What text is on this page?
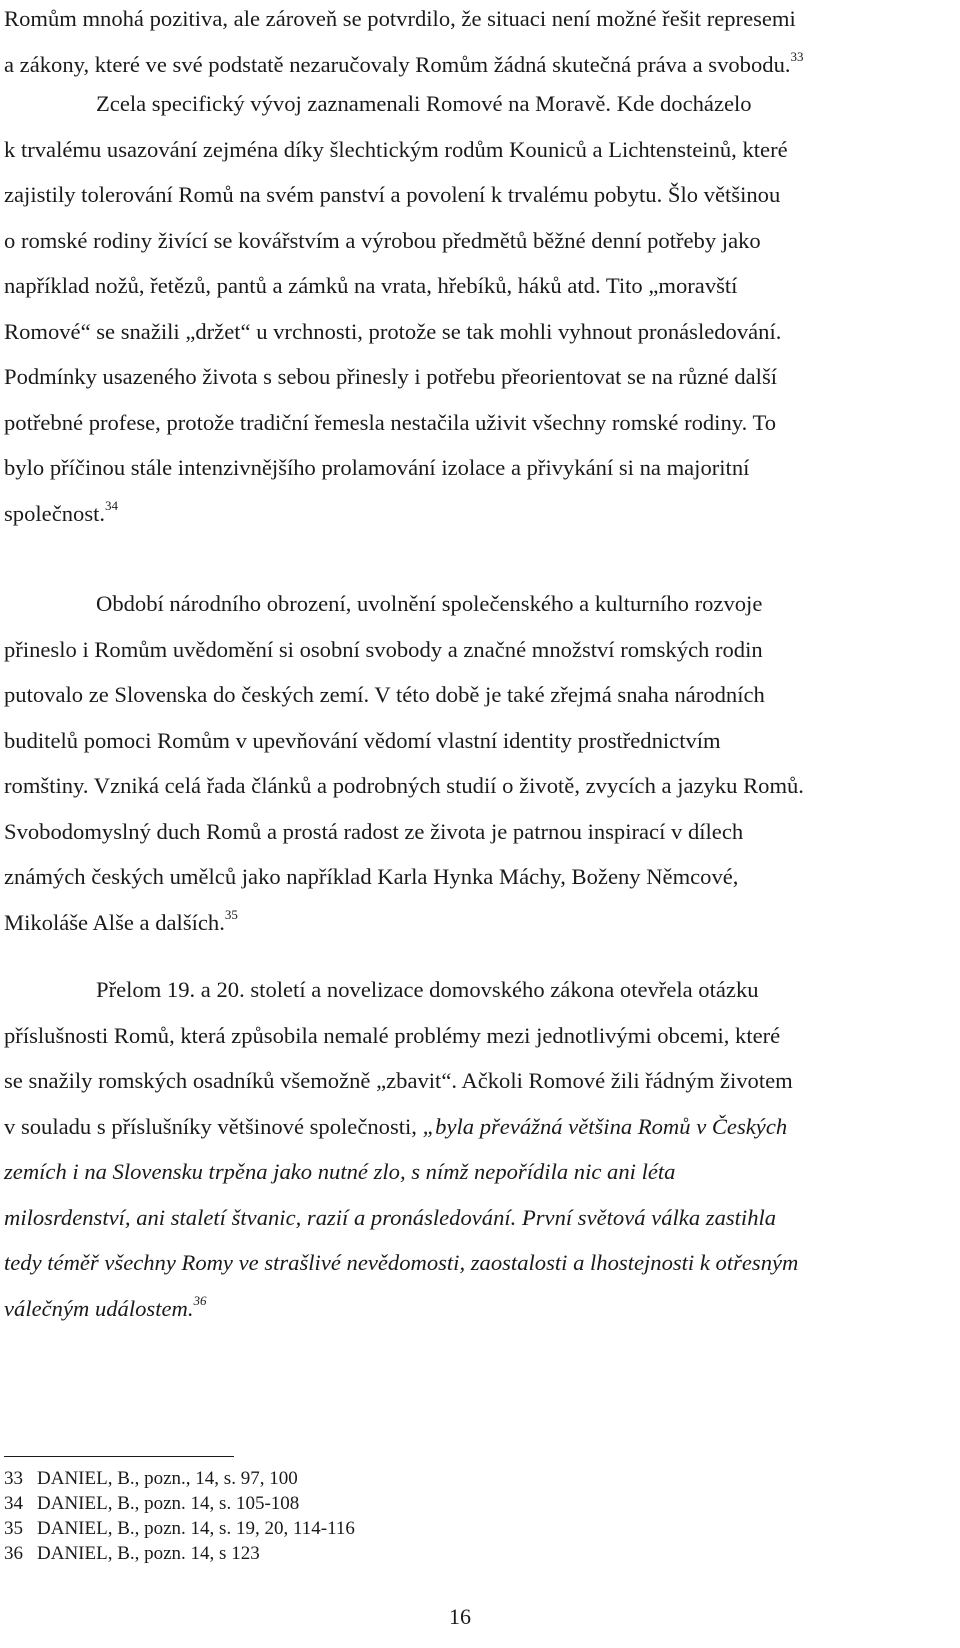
Romům mnohá pozitiva, ale zároveň se potvrdilo, že situaci není možné řešit represemi
a zákony, které ve své podstatě nezaručovaly Romům žádná skutečná práva a svobodu.$^{33}$

Zcela specifický vývoj zaznamenali Romové na Moravě. Kde docházelo
k trvalému usazování zejména díky šlechtickým rodům Kouniců a Lichtensteinů, které
zajistily tolerování Romů na svém panství a povolení k trvalému pobytu. Šlo většinou
o romské rodiny živící se kovářstvím a výrobou předmětů běžné denní potřeby jako
například nožů, řetězů, pantů a zámků na vrata, hřebíků, háků atd. Tito „moravští
Romové“ se snažili „držet“ u vrchnosti, protože se tak mohli vyhnout pronásledování.
Podmínky usazeného života s sebou přinesly i potřebu přeorientovat se na různé další
potřebné profese, protože tradiční řemesla nestačila uživit všechny romské rodiny. To
bylo příčinou stále intenzivnějšího prolamování izolace a přivykání si na majoritní
společnost.$^{34}$

Období národního obrození, uvolnění společenského a kulturního rozvoje
přineslo i Romům uvědomění si osobní svobody a značné množství romských rodin
putovalo ze Slovenska do českých zemí. V této době je také zřejmá snaha národních
buditelů pomoci Romům v upevňování vědomí vlastní identity prostřednictvím
romštiny. Vzniká celá řada článků a podrobných studií o životě, zvycích a jazyku Romů.
Svobodomyslný duch Romů a prostá radost ze života je patrnou inspirací v dílech
známých českých umělců jako například Karla Hynka Máchy, Boženy Němcové,
Mikoláše Alše a dalších.$^{35}$

Přelom 19. a 20. století a novelizace domovského zákona otevřela otázku
příslušnosti Romů, která způsobila nemalé problémy mezi jednotlivými obcemi, které
se snažily romských osadníků všemožně „zbavit“. Ačkoli Romové žili řádným životem
v souladu s příslušníky většinové společnosti, „byla převážná většina Romů v Českých
zemích i na Slovensku trpěna jako nutné zlo, s nímž nepořídila nic ani léta
milosrdenství, ani staletí štvanic, razií a pronásledování. První světová válka zastihla
tedy téměř všechny Romy ve strašlivé nevědomosti, zaostalosti a lhostejnosti k otřesným
válečným událostem.$^{36}$

33 DANIEL, B., pozn., 14, s. 97, 100
34 DANIEL, B., pozn. 14, s. 105-108
35 DANIEL, B., pozn. 14, s. 19, 20, 114-116
36 DANIEL, B., pozn. 14, s 123
16
